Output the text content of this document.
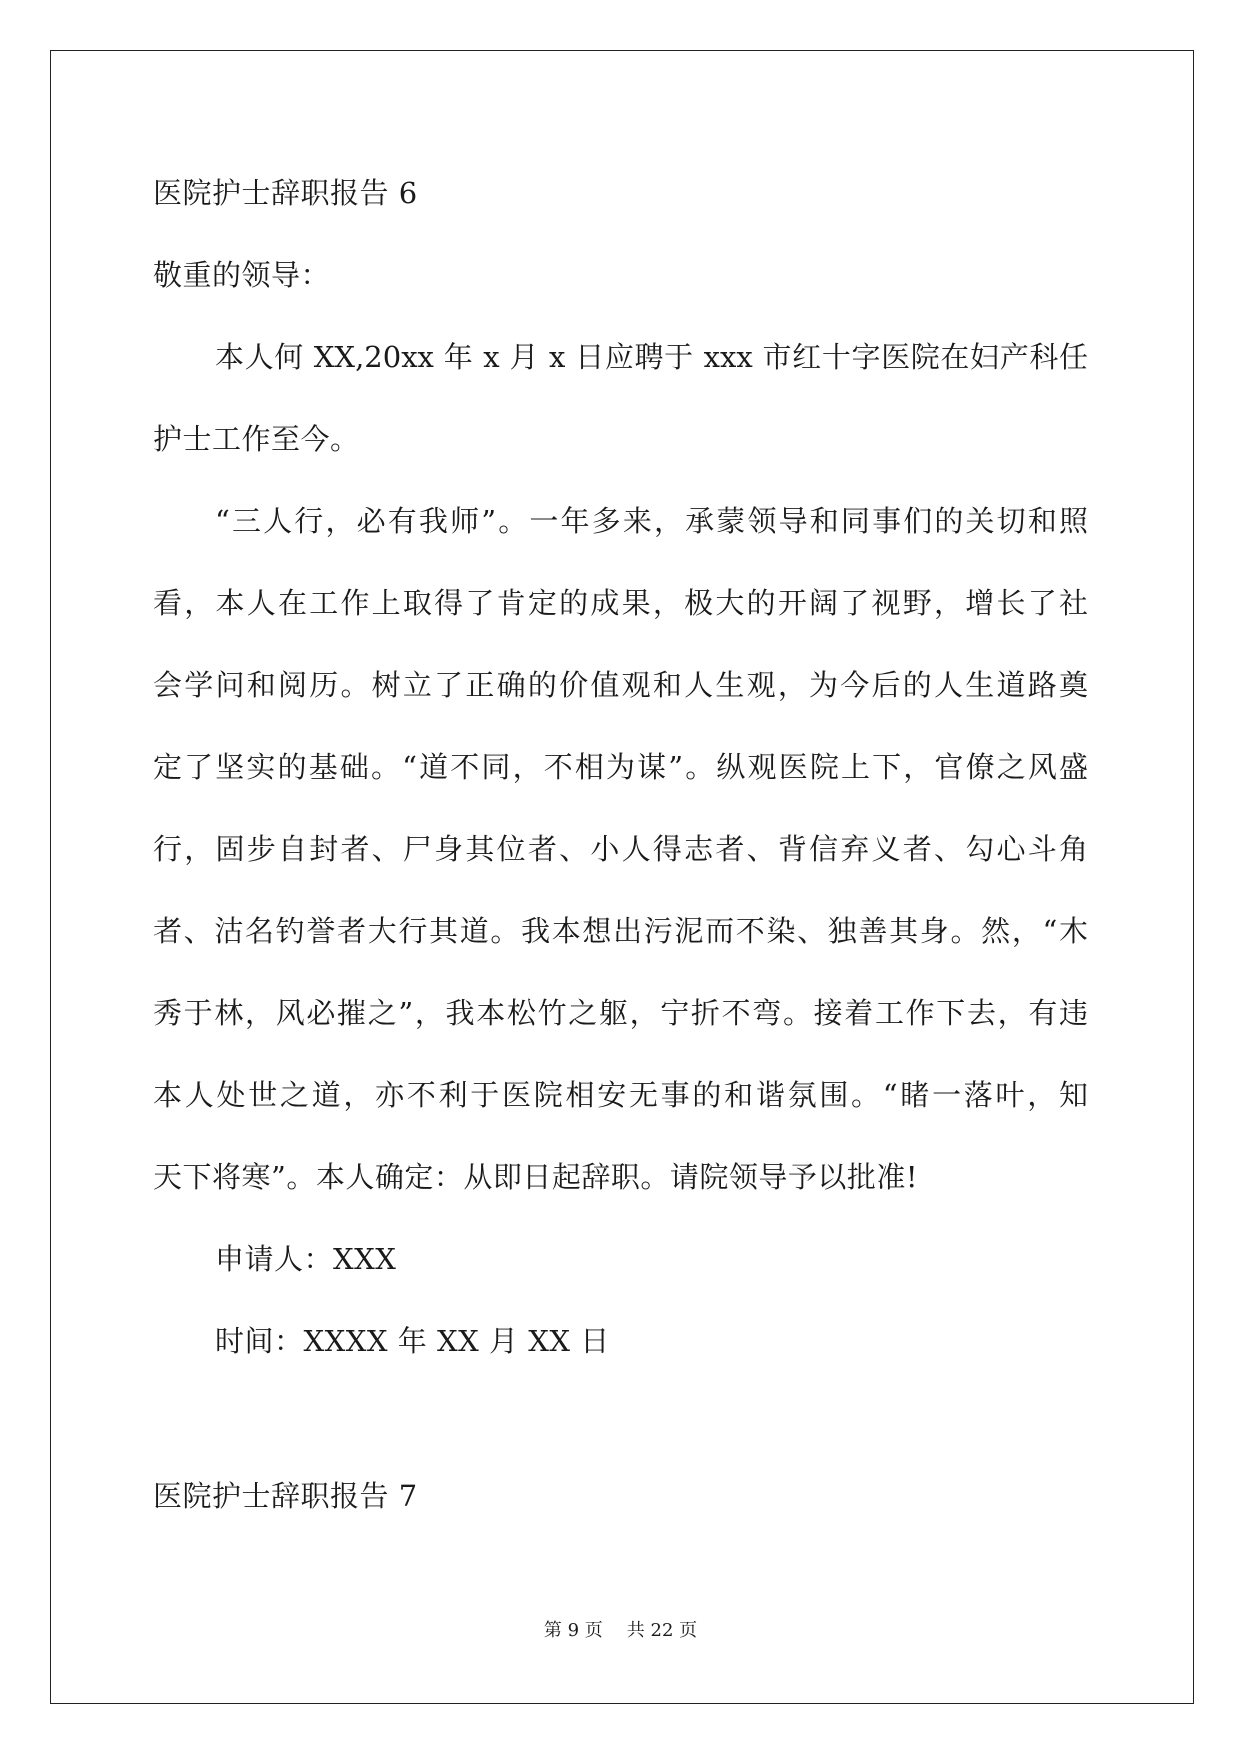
医院护士辞职报告 6
敬重的领导：
本人何 XX,20xx 年 x 月 x 日应聘于 xxx 市红十字医院在妇产科任
护士工作至今。
“三人行，必有我师”。一年多来，承蒙领导和同事们的关切和照
看，本人在工作上取得了肯定的成果，极大的开阔了视野，增长了社
会学问和阅历。树立了正确的价值观和人生观，为今后的人生道路奠
定了坚实的基础。“道不同，不相为谋”。纵观医院上下，官僚之风盛
行，固步自封者、尸身其位者、小人得志者、背信弃义者、勾心斗角
者、沽名钓誉者大行其道。我本想出污泥而不染、独善其身。然，“木
秀于林，风必摧之”，我本松竹之躯，宁折不弯。接着工作下去，有违
本人处世之道，亦不利于医院相安无事的和谐氛围。“睹一落叶，知
天下将寒”。本人确定：从即日起辞职。请院领导予以批准!
申请人：XXX
时间：XXXX 年 XX 月 XX 日
医院护士辞职报告 7
第 9 页 共 22 页
